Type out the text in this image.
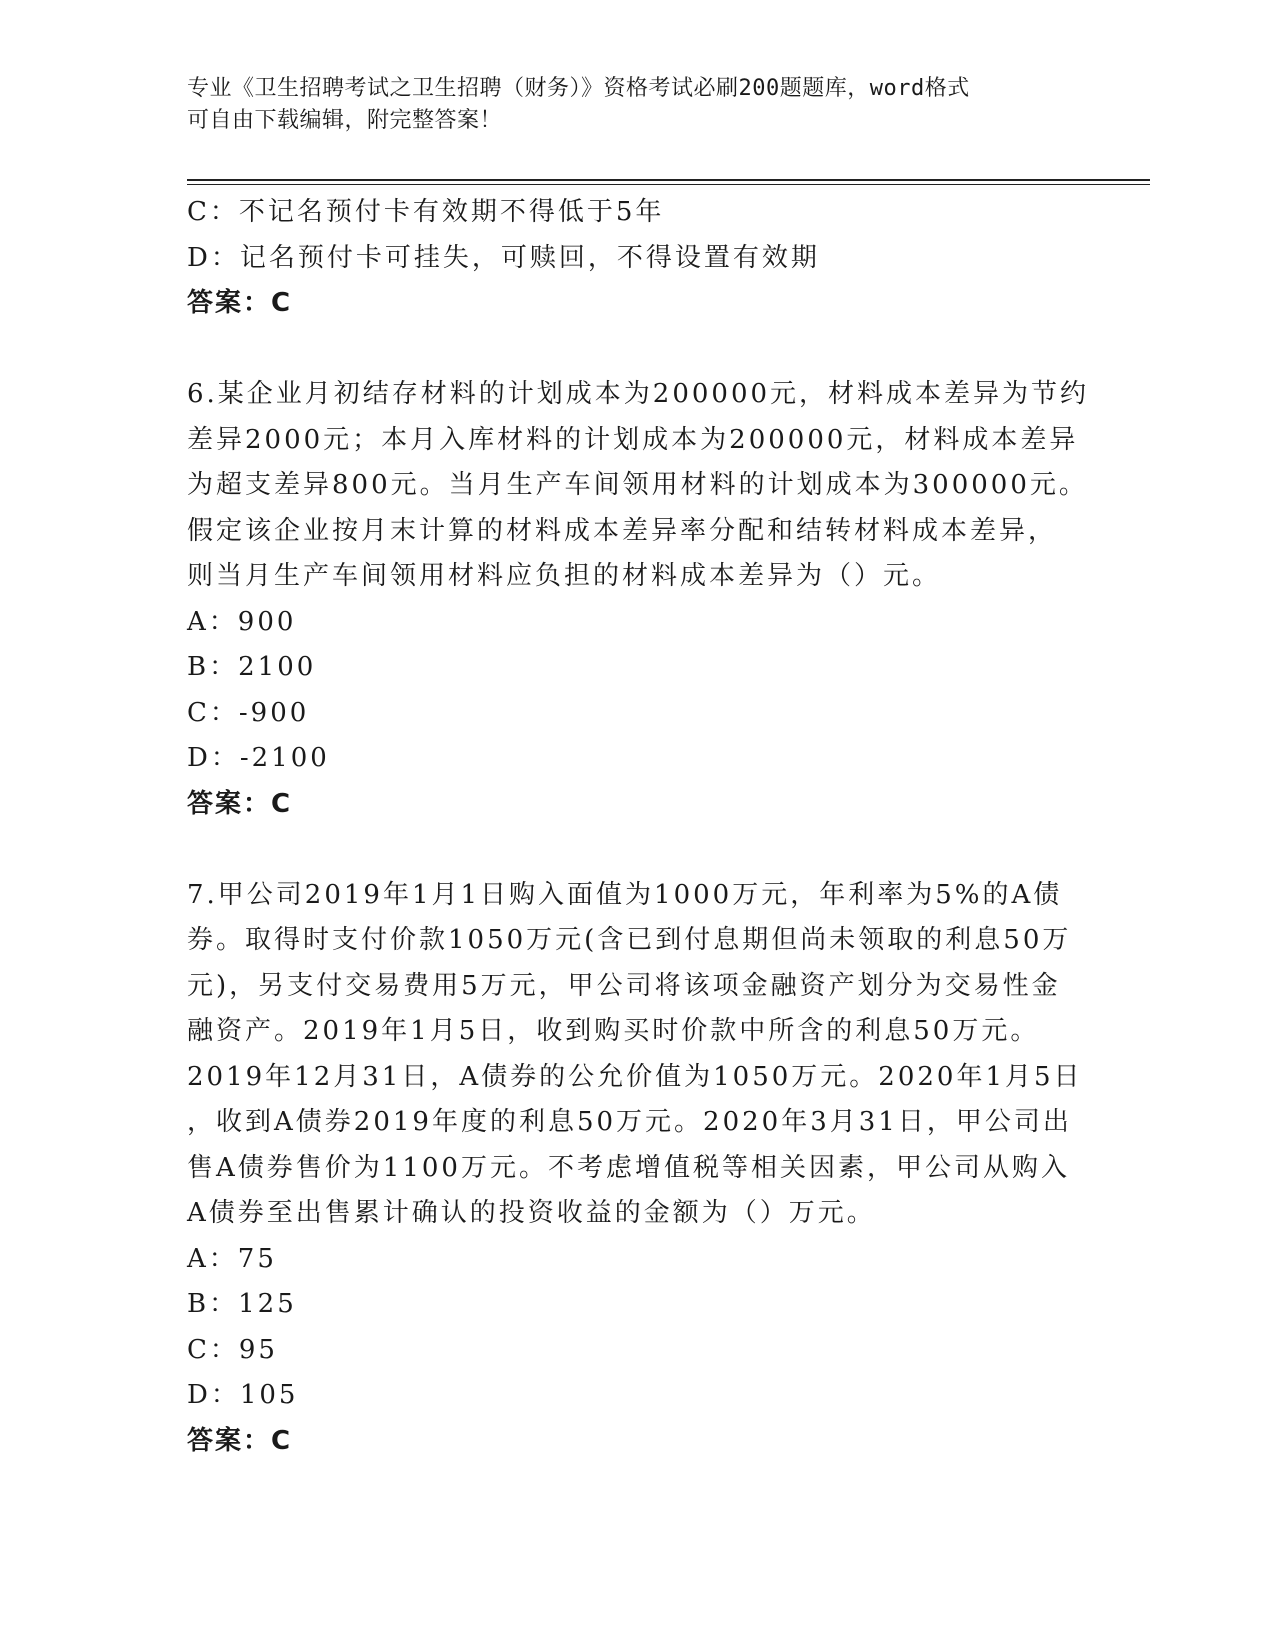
专业《卫生招聘考试之卫生招聘（财务）》资格考试必刷200题题库，word格式
可自由下载编辑，附完整答案！
C：不记名预付卡有效期不得低于5年
D：记名预付卡可挂失，可赎回，不得设置有效期
答案：C
6.某企业月初结存材料的计划成本为200000元，材料成本差异为节约
差异2000元；本月入库材料的计划成本为200000元，材料成本差异
为超支差异800元。当月生产车间领用材料的计划成本为300000元。
假定该企业按月末计算的材料成本差异率分配和结转材料成本差异，
则当月生产车间领用材料应负担的材料成本差异为（）元。
A：900
B：2100
C：-900
D：-2100
答案：C
7.甲公司2019年1月1日购入面值为1000万元，年利率为5%的A债
券。取得时支付价款1050万元(含已到付息期但尚未领取的利息50万
元)，另支付交易费用5万元，甲公司将该项金融资产划分为交易性金
融资产。2019年1月5日，收到购买时价款中所含的利息50万元。
2019年12月31日，A债券的公允价值为1050万元。2020年1月5日
，收到A债券2019年度的利息50万元。2020年3月31日，甲公司出
售A债券售价为1100万元。不考虑增值税等相关因素，甲公司从购入
A债券至出售累计确认的投资收益的金额为（）万元。
A：75
B：125
C：95
D：105
答案：C
